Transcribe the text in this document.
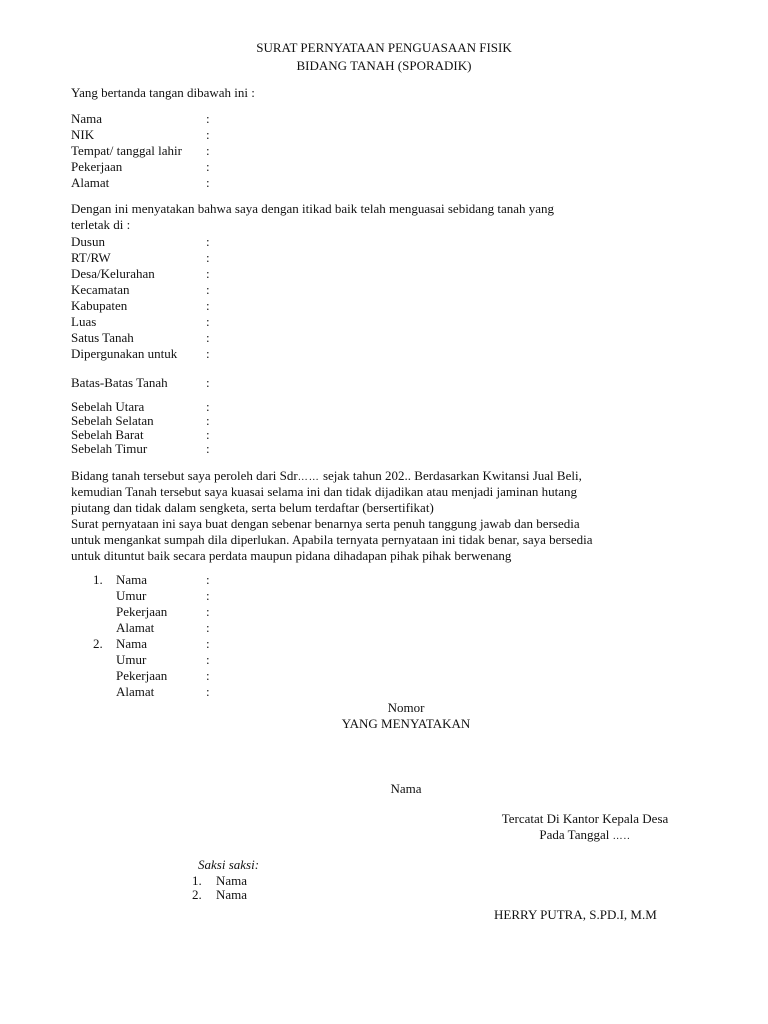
SURAT PERNYATAAN PENGUASAAN FISIK
BIDANG TANAH (SPORADIK)
Yang bertanda tangan dibawah ini :
Nama	:
NIK	:
Tempat/ tanggal lahir :
Pekerjaan	:
Alamat	:
Dengan ini menyatakan bahwa saya dengan itikad baik telah menguasai sebidang tanah yang
terletak di :
Dusun	:
RT/RW	:
Desa/Kelurahan	:
Kecamatan	:
Kabupaten	:
Luas	:
Satus Tanah	:
Dipergunakan untuk :
Batas-Batas Tanah	:
Sebelah Utara	:
Sebelah Selatan	:
Sebelah Barat	:
Sebelah Timur	:
Bidang tanah tersebut saya peroleh dari Sdr…… sejak tahun 202.. Berdasarkan Kwitansi Jual Beli,
kemudian Tanah tersebut saya kuasai selama ini dan tidak dijadikan atau menjadi jaminan hutang
piutang dan tidak dalam sengketa, serta belum terdaftar (bersertifikat)
Surat pernyataan ini saya buat dengan sebenar benarnya serta penuh tanggung jawab dan bersedia
untuk mengankat sumpah dila diperlukan. Apabila ternyata pernyataan ini tidak benar, saya bersedia
untuk dituntut baik secara perdata maupun pidana dihadapan pihak pihak berwenang
1. Nama	:
Umur	:
Pekerjaan	:
Alamat	:
2. Nama	:
Umur	:
Pekerjaan	:
Alamat	:
Nomor
YANG MENYATAKAN
Nama
Tercatat Di Kantor Kepala Desa
Pada Tanggal …..
Saksi saksi:
1. Nama
2. Nama
HERRY PUTRA, S.PD.I, M.M
